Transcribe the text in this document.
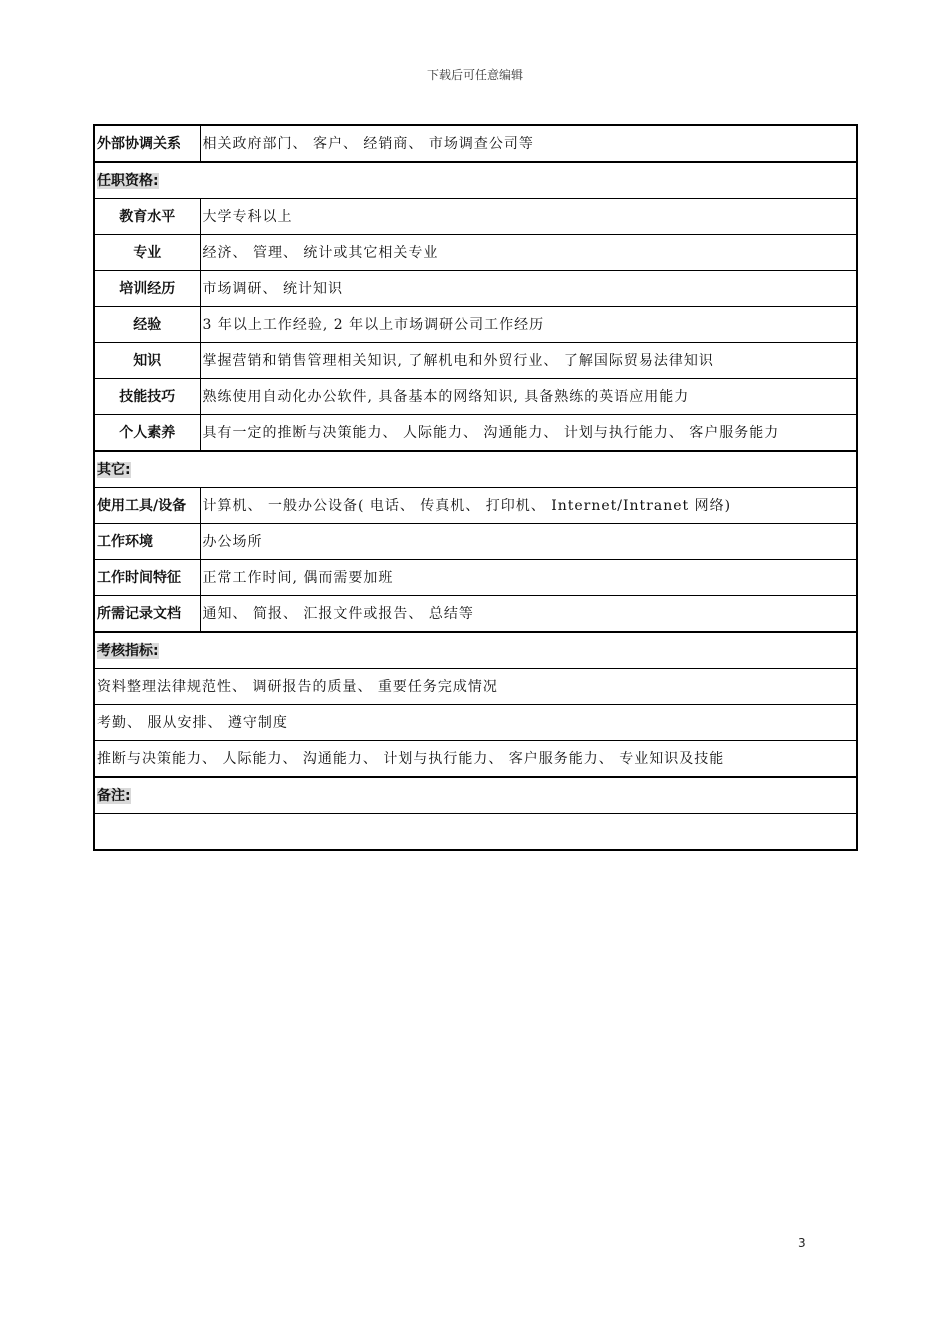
下载后可任意编辑
外部协调关系	相关政府部门、 客户、 经销商、 市场调查公司等
任职资格:	
教育水平	大学专科以上
专业	经济、 管理、 统计或其它相关专业
培训经历	市场调研、 统计知识
经验	3 年以上工作经验, 2 年以上市场调研公司工作经历
知识	掌握营销和销售管理相关知识, 了解机电和外贸行业、 了解国际贸易法律知识
技能技巧	熟练使用自动化办公软件, 具备基本的网络知识, 具备熟练的英语应用能力
个人素养	具有一定的推断与决策能力、 人际能力、 沟通能力、 计划与执行能力、 客户服务能力
其它:	
使用工具/设备	计算机、 一般办公设备( 电话、 传真机、 打印机、 Internet/Intranet 网络)
工作环境	办公场所
工作时间特征	正常工作时间, 偶而需要加班
所需记录文档	通知、 简报、 汇报文件或报告、 总结等
考核指标:	
资料整理法律规范性、 调研报告的质量、 重要任务完成情况	
考勤、 服从安排、 遵守制度	
推断与决策能力、 人际能力、 沟通能力、 计划与执行能力、 客户服务能力、 专业知识及技能	
备注:	

3
